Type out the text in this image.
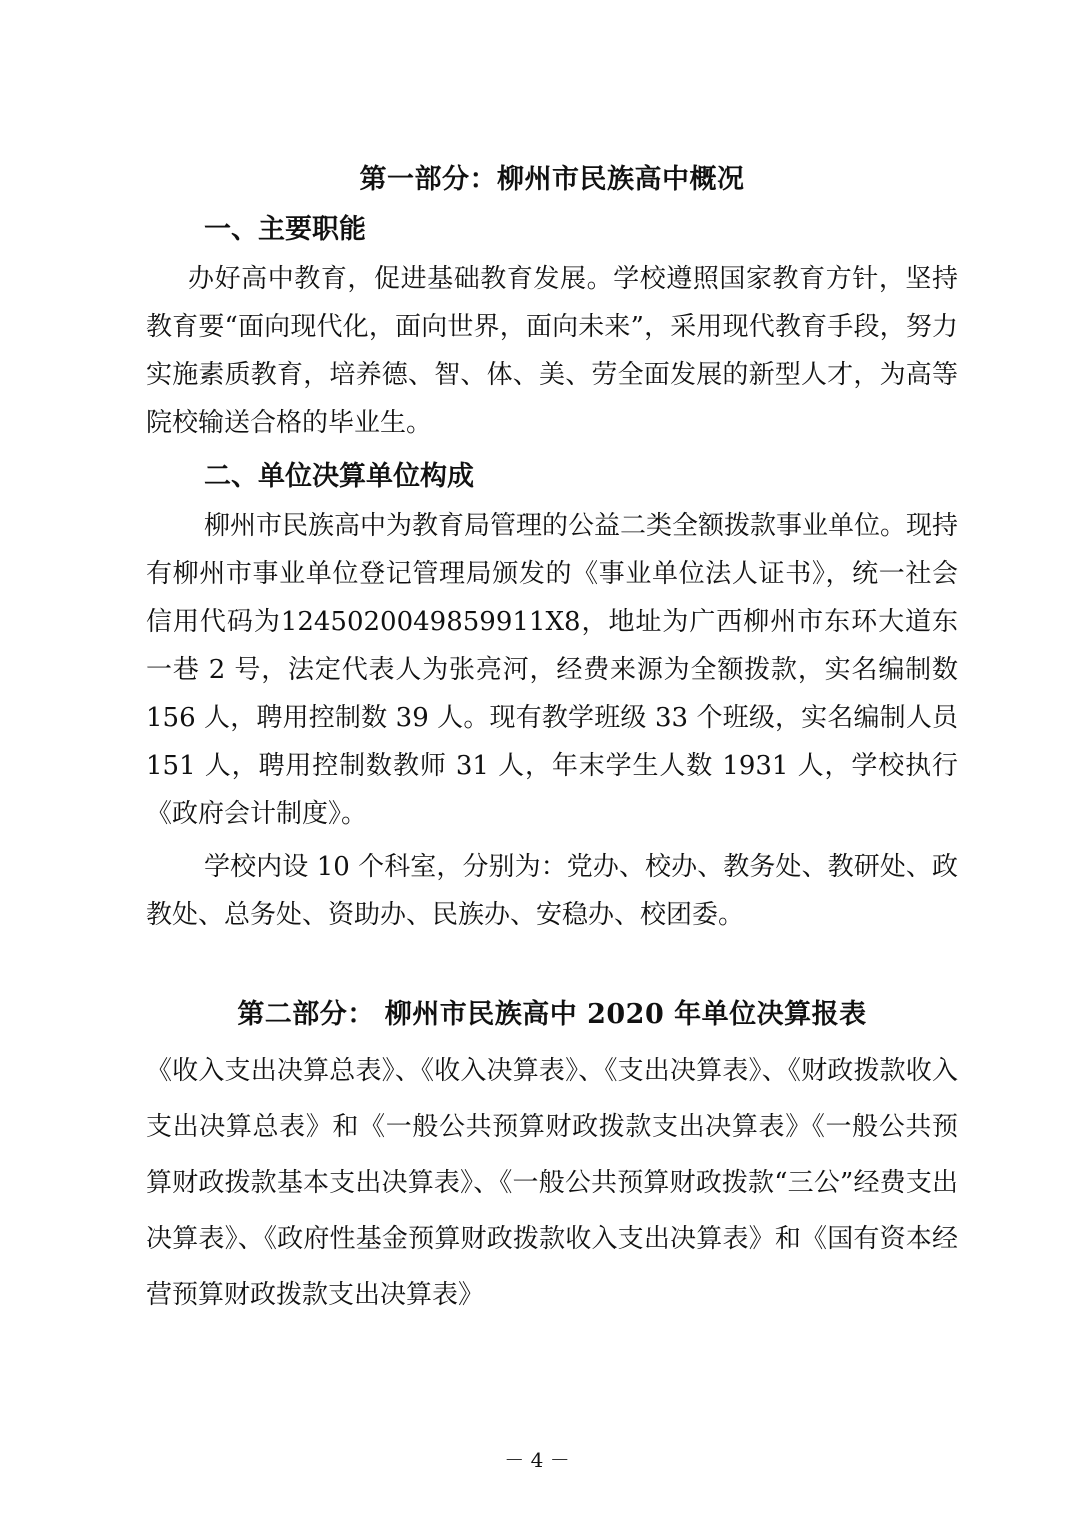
第一部分：柳州市民族高中概况
一、主要职能

办好高中教育，促进基础教育发展。学校遵照国家教育方针，坚持教育要“面向现代化，面向世界，面向未来”，采用现代教育手段，努力实施素质教育，培养德、智、体、美、劳全面发展的新型人才，为高等院校输送合格的毕业生。

二、单位决算单位构成

柳州市民族高中为教育局管理的公益二类全额拨款事业单位。现持有柳州市事业单位登记管理局颁发的《事业单位法人证书》，统一社会信用代码为1245020049859911X8，地址为广西柳州市东环大道东一巷 2 号，法定代表人为张亮河，经费来源为全额拨款，实名编制数 156 人，聘用控制数 39 人。现有教学班级 33 个班级，实名编制人员 151 人，聘用控制数教师 31 人，年末学生人数 1931 人，学校执行《政府会计制度》。

学校内设 10 个科室，分别为：党办、校办、教务处、教研处、政教处、总务处、资助办、民族办、安稳办、校团委。

第二部分： 柳州市民族高中 2020 年单位决算报表

《收入支出决算总表》、《收入决算表》、《支出决算表》、《财政拨款收入支出决算总表》和《一般公共预算财政拨款支出决算表》《一般公共预算财政拨款基本支出决算表》、《一般公共预算财政拨款“三公”经费支出决算表》、《政府性基金预算财政拨款收入支出决算表》和《国有资本经营预算财政拨款支出决算表》

－ 4 －
